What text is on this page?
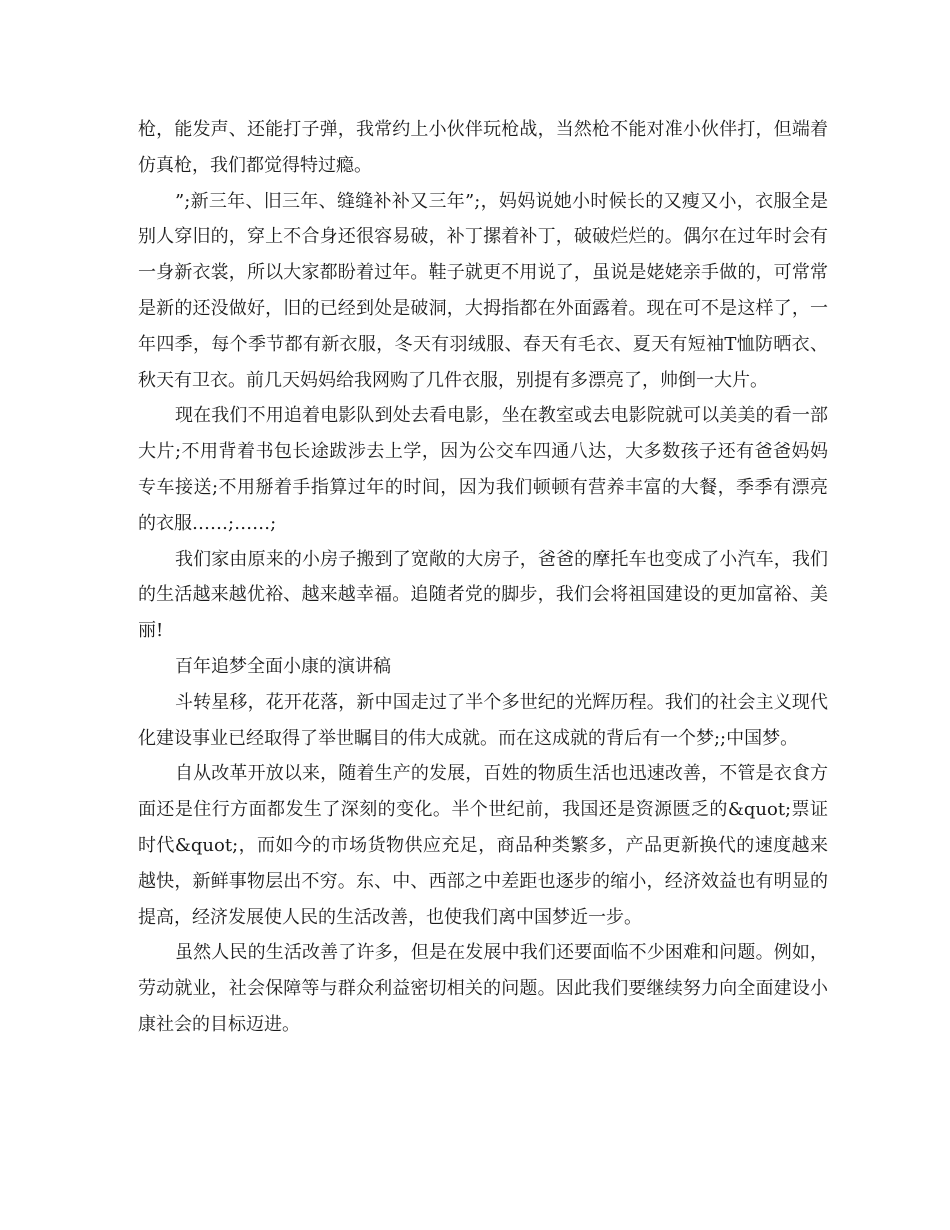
枪，能发声、还能打子弹，我常约上小伙伴玩枪战，当然枪不能对准小伙伴打，但端着仿真枪，我们都觉得特过瘾。

”;新三年、旧三年、缝缝补补又三年”;，妈妈说她小时候长的又瘦又小，衣服全是别人穿旧的，穿上不合身还很容易破，补丁摞着补丁，破破烂烂的。偶尔在过年时会有一身新衣裳，所以大家都盼着过年。鞋子就更不用说了，虽说是姥姥亲手做的，可常常是新的还没做好，旧的已经到处是破洞，大拇指都在外面露着。现在可不是这样了，一年四季，每个季节都有新衣服，冬天有羽绒服、春天有毛衣、夏天有短袖T恤防晒衣、秋天有卫衣。前几天妈妈给我网购了几件衣服，别提有多漂亮了，帅倒一大片。

现在我们不用追着电影队到处去看电影，坐在教室或去电影院就可以美美的看一部大片;不用背着书包长途跋涉去上学，因为公交车四通八达，大多数孩子还有爸爸妈妈专车接送;不用掰着手指算过年的时间，因为我们顿顿有营养丰富的大餐，季季有漂亮的衣服……;……;

我们家由原来的小房子搬到了宽敞的大房子，爸爸的摩托车也变成了小汽车，我们的生活越来越优裕、越来越幸福。追随者党的脚步，我们会将祖国建设的更加富裕、美丽!

百年追梦全面小康的演讲稿

斗转星移，花开花落，新中国走过了半个多世纪的光辉历程。我们的社会主义现代化建设事业已经取得了举世瞩目的伟大成就。而在这成就的背后有一个梦;;中国梦。

自从改革开放以来，随着生产的发展，百姓的物质生活也迅速改善，不管是衣食方面还是住行方面都发生了深刻的变化。半个世纪前，我国还是资源匮乏的&quot;票证时代&quot;，而如今的市场货物供应充足，商品种类繁多，产品更新换代的速度越来越快，新鲜事物层出不穷。东、中、西部之中差距也逐步的缩小，经济效益也有明显的提高，经济发展使人民的生活改善，也使我们离中国梦近一步。

虽然人民的生活改善了许多，但是在发展中我们还要面临不少困难和问题。例如，劳动就业，社会保障等与群众利益密切相关的问题。因此我们要继续努力向全面建设小康社会的目标迈进。
